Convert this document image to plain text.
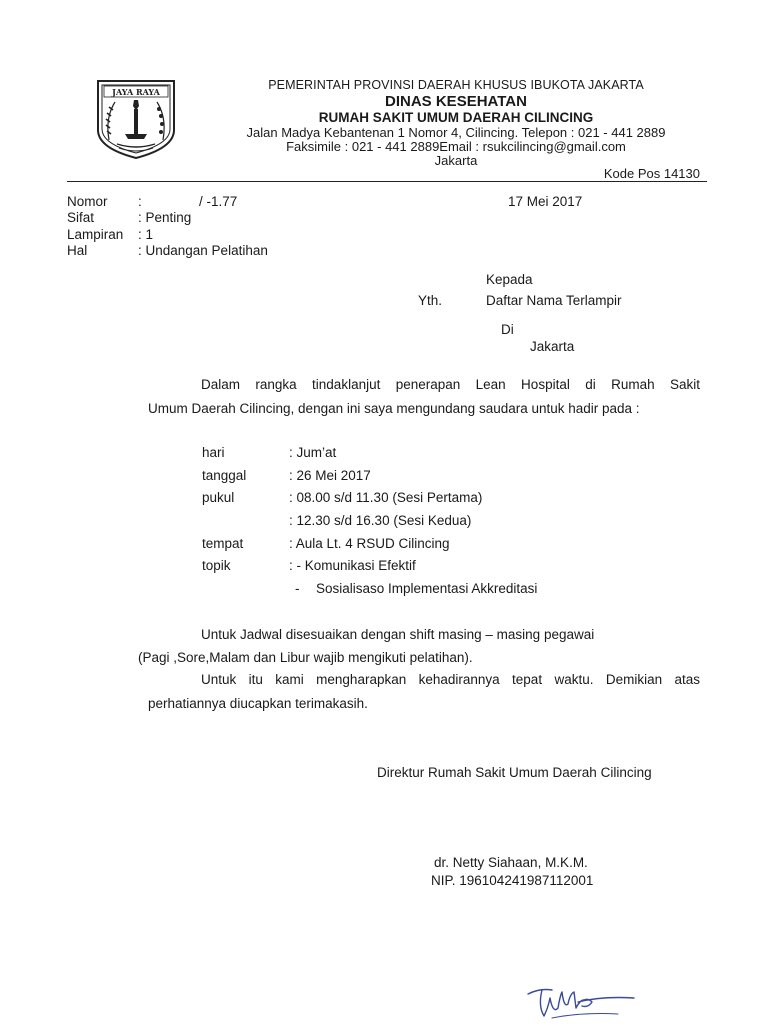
JAYA RAYA	PEMERINTAH PROVINSI DAERAH KHUSUS IBUKOTA JAKARTA
DINAS KESEHATAN
RUMAH SAKIT UMUM DAERAH CILINCING
Jalan Madya Kebantenan 1 Nomor 4, Cilincing. Telepon : 021 - 441 2889
Faksimile : 021 - 441 2889Email : rsukcilincing@gmail.com
Jakarta
Kode Pos 14130
Nomor :	/ -1.77	17 Mei 2017
Sifat	: Penting
Lampiran : 1
Hal	: Undangan Pelatihan
Kepada
Yth.	Daftar Nama Terlampir
Di
Jakarta
Dalam rangka tindaklanjut penerapan Lean Hospital di Rumah Sakit
Umum Daerah Cilincing, dengan ini saya mengundang saudara untuk hadir pada :
hari	: Jum’at
tanggal	: 26 Mei 2017
pukul	: 08.00 s/d 11.30 (Sesi Pertama)
: 12.30 s/d 16.30 (Sesi Kedua)
tempat	: Aula Lt. 4 RSUD Cilincing
topik	: - Komunikasi Efektif
- Sosialisaso Implementasi Akkreditasi
Untuk Jadwal disesuaikan dengan shift masing – masing pegawai
(Pagi ,Sore,Malam dan Libur wajib mengikuti pelatihan).
Untuk itu kami mengharapkan kehadirannya tepat waktu. Demikian atas
perhatiannya diucapkan terimakasih.
Direktur Rumah Sakit Umum Daerah Cilincing
dr. Netty Siahaan, M.K.M.
NIP. 196104241987112001
